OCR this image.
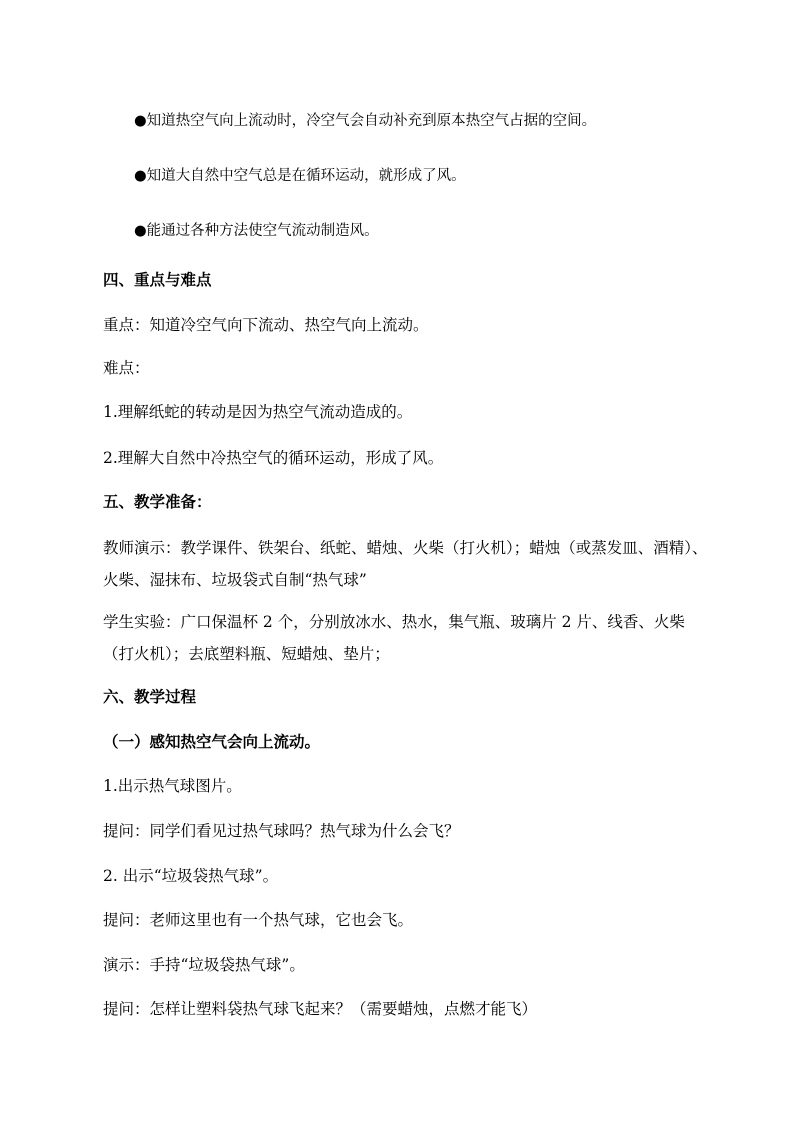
●知道热空气向上流动时，冷空气会自动补充到原本热空气占据的空间。
●知道大自然中空气总是在循环运动，就形成了风。
●能通过各种方法使空气流动制造风。
四、重点与难点
重点：知道冷空气向下流动、热空气向上流动。
难点：
1.理解纸蛇的转动是因为热空气流动造成的。
2.理解大自然中冷热空气的循环运动，形成了风。
五、教学准备：
教师演示：教学课件、铁架台、纸蛇、蜡烛、火柴（打火机）；蜡烛（或蒸发皿、酒精）、火柴、湿抹布、垃圾袋式自制“热气球”
学生实验：广口保温杯 2 个，分别放冰水、热水，集气瓶、玻璃片 2 片、线香、火柴（打火机）；去底塑料瓶、短蜡烛、垫片；
六、教学过程
（一）感知热空气会向上流动。
1.出示热气球图片。
提问：同学们看见过热气球吗？热气球为什么会飞？
2. 出示“垃圾袋热气球”。
提问：老师这里也有一个热气球，它也会飞。
演示：手持“垃圾袋热气球”。
提问：怎样让塑料袋热气球飞起来？（需要蜡烛，点燃才能飞）
